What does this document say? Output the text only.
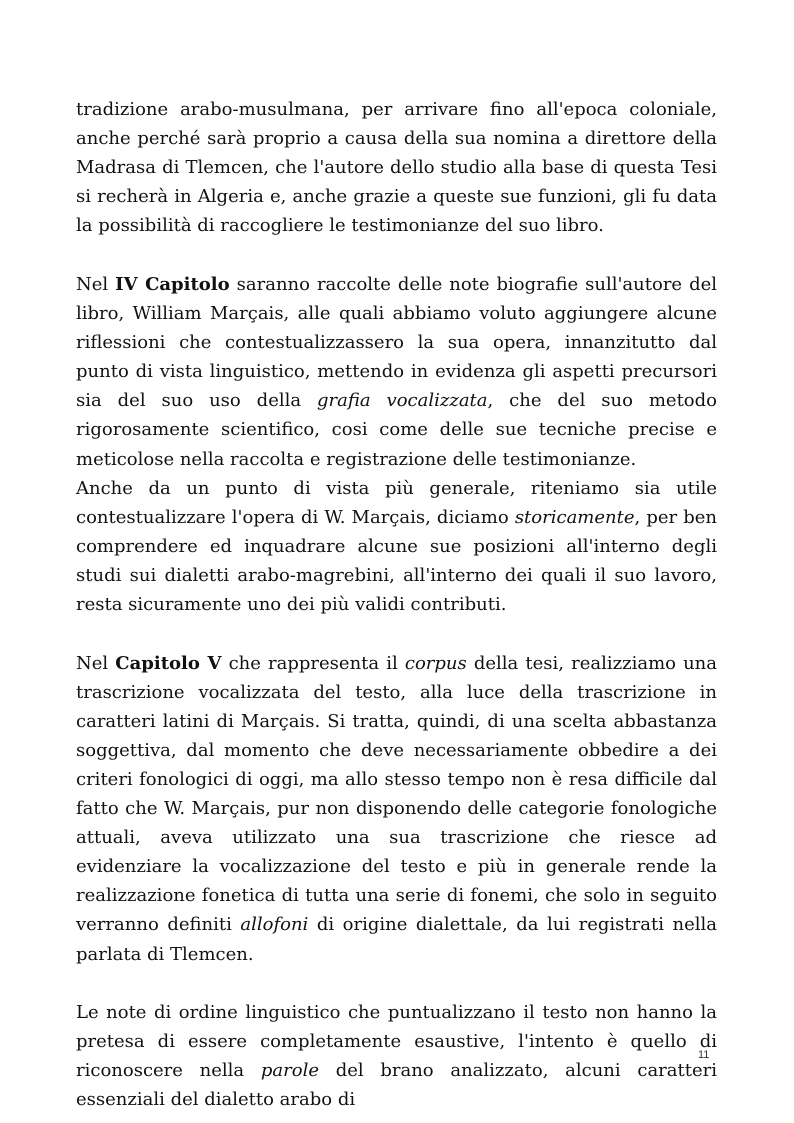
tradizione arabo-musulmana, per arrivare fino all'epoca coloniale, anche perché sarà proprio a causa della sua nomina a direttore della Madrasa di Tlemcen, che l'autore dello studio alla base di questa Tesi si recherà in Algeria e, anche grazie a queste sue funzioni, gli fu data la possibilità di raccogliere le testimonianze del suo libro.

Nel IV Capitolo saranno raccolte delle note biografie sull'autore del libro, William Marçais, alle quali abbiamo voluto aggiungere alcune riflessioni che contestualizzassero la sua opera, innanzitutto dal punto di vista linguistico, mettendo in evidenza gli aspetti precursori sia del suo uso della grafia vocalizzata, che del suo metodo rigorosamente scientifico, cosi come delle sue tecniche precise e meticolose nella raccolta e registrazione delle testimonianze.

Anche da un punto di vista più generale, riteniamo sia utile contestualizzare l'opera di W. Marçais, diciamo storicamente, per ben comprendere ed inquadrare alcune sue posizioni all'interno degli studi sui dialetti arabo-magrebini, all'interno dei quali il suo lavoro, resta sicuramente uno dei più validi contributi.

Nel Capitolo V che rappresenta il corpus della tesi, realizziamo una trascrizione vocalizzata del testo, alla luce della trascrizione in caratteri latini di Marçais. Si tratta, quindi, di una scelta abbastanza soggettiva, dal momento che deve necessariamente obbedire a dei criteri fonologici di oggi, ma allo stesso tempo non è resa difficile dal fatto che W. Marçais, pur non disponendo delle categorie fonologiche attuali, aveva utilizzato una sua trascrizione che riesce ad evidenziare la vocalizzazione del testo e più in generale rende la realizzazione fonetica di tutta una serie di fonemi, che solo in seguito verranno definiti allofoni di origine dialettale, da lui registrati nella parlata di Tlemcen.

Le note di ordine linguistico che puntualizzano il testo non hanno la pretesa di essere completamente esaustive, l'intento è quello di riconoscere nella parole del brano analizzato, alcuni caratteri essenziali del dialetto arabo di

11
